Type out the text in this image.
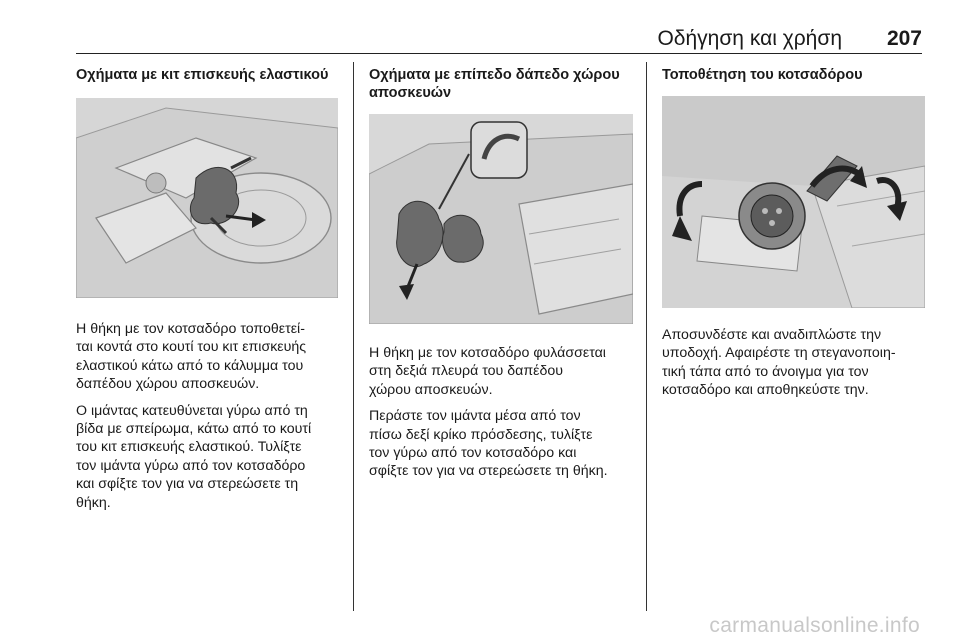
Οδήγηση και χρήση 207
Οχήματα με κιτ επισκευής ελαστικού

Η θήκη με τον κοτσαδόρο τοποθετεί-
ται κοντά στο κουτί του κιτ επισκευής
ελαστικού κάτω από το κάλυμμα του
δαπέδου χώρου αποσκευών.

Ο ιμάντας κατευθύνεται γύρω από τη
βίδα με σπείρωμα, κάτω από το κουτί
του κιτ επισκευής ελαστικού. Τυλίξτε
τον ιμάντα γύρω από τον κοτσαδόρο
και σφίξτε τον για να στερεώσετε τη
θήκη.

Οχήματα με επίπεδο δάπεδο χώρου
αποσκευών

Η θήκη με τον κοτσαδόρο φυλάσσεται
στη δεξιά πλευρά του δαπέδου
χώρου αποσκευών.

Περάστε τον ιμάντα μέσα από τον
πίσω δεξί κρίκο πρόσδεσης, τυλίξτε
τον γύρω από τον κοτσαδόρο και
σφίξτε τον για να στερεώσετε τη θήκη.

Τοποθέτηση του κοτσαδόρου

Αποσυνδέστε και αναδιπλώστε την
υποδοχή. Αφαιρέστε τη στεγανοποιη-
τική τάπα από το άνοιγμα για τον
κοτσαδόρο και αποθηκεύστε την.

carmanualsonline.info
